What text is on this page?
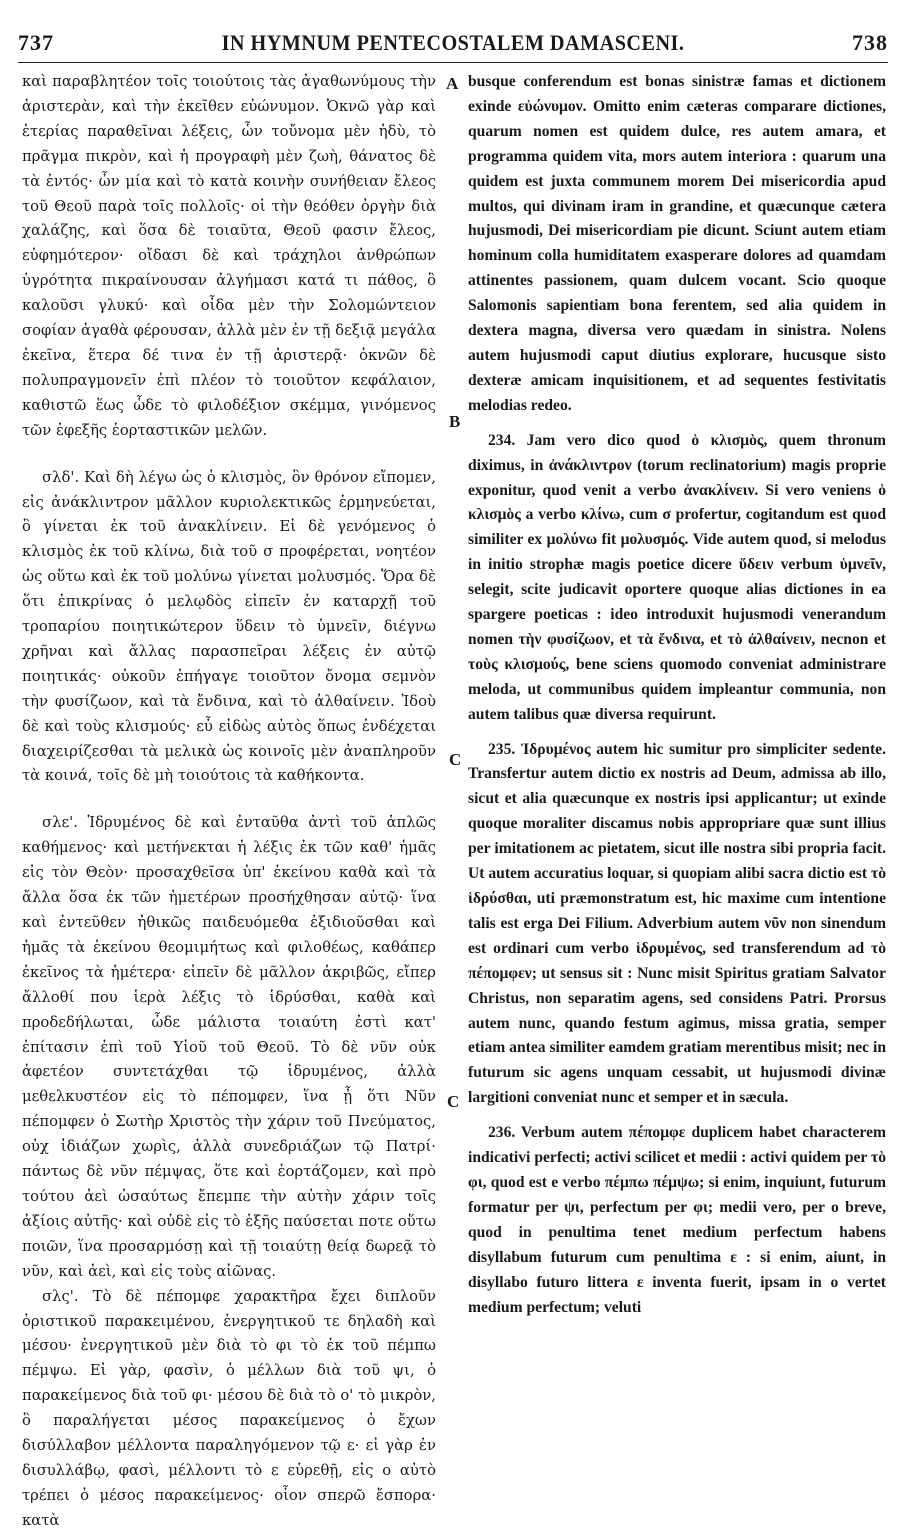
737	IN HYMNUM PENTECOSTALEM DAMASCENI.	738

καὶ παραβλητέον τοῖς τοιούτοις τὰς ἀγαθωνύμους τὴν ἀριστερὰν, καὶ τὴν ἐκεῖθεν εὐώνυμον. Ὀκνῶ γὰρ καὶ ἑτερίας παραθεῖναι λέξεις, ὧν τοὔνομα μὲν ἡδὺ, τὸ πρᾶγμα πικρὸν, καὶ ἡ προγραφὴ μὲν ζωὴ, θάνατος δὲ τὰ ἐντός· ὧν μία καὶ τὸ κατὰ κοινὴν συνήθειαν ἔλεος τοῦ Θεοῦ παρὰ τοῖς πολλοῖς· οἱ τὴν θεόθεν ὀργὴν διὰ χαλάζης, καὶ ὅσα δὲ τοιαῦτα, Θεοῦ φασιν ἔλεος, εὐφημότερον· οἴδασι δὲ καὶ τράχηλοι ἀνθρώπων ὑγρότητα πικραίνουσαν ἀλγήμασι κατά τι πάθος, ὃ καλοῦσι γλυκύ· καὶ οἶδα μὲν τὴν Σολομώντειον σοφίαν ἀγαθὰ φέρουσαν, ἀλλὰ μὲν ἐν τῇ δεξιᾷ μεγάλα ἐκεῖνα, ἕτερα δέ τινα ἐν τῇ ἀριστερᾷ· ὀκνῶν δὲ πολυπραγμονεῖν ἐπὶ πλέον τὸ τοιοῦτον κεφάλαιον, καθιστῶ ἕως ὧδε τὸ φιλοδέξιον σκέμμα, γινόμενος τῶν ἐφεξῆς ἑορταστικῶν μελῶν.

σλδ'. Καὶ δὴ λέγω ὡς ὁ κλισμὸς, ὃν θρόνον εἴπομεν, εἰς ἀνάκλιντρον μᾶλλον κυριολεκτικῶς ἑρμηνεύεται, ὃ γίνεται ἐκ τοῦ ἀνακλίνειν. Εἰ δὲ γενόμενος ὁ κλισμὸς ἐκ τοῦ κλίνω, διὰ τοῦ σ προφέρεται, νοητέον ὡς οὕτω καὶ ἐκ τοῦ μολύνω γίνεται μολυσμός. Ὅρα δὲ ὅτι ἐπικρίνας ὁ μελῳδὸς εἰπεῖν ἐν καταρχῇ τοῦ τροπαρίου ποιητικώτερον ὕδειν τὸ ὑμνεῖν, διέγνω χρῆναι καὶ ἄλλας παρασπεῖραι λέξεις ἐν αὐτῷ ποιητικάς· οὐκοῦν ἐπήγαγε τοιοῦτον ὄνομα σεμνὸν τὴν φυσίζωον, καὶ τὰ ἔνδινα, καὶ τὸ ἀλθαίνειν. Ἰδοὺ δὲ καὶ τοὺς κλισμούς· εὖ εἰδὼς αὐτὸς ὅπως ἐνδέχεται διαχειρίζεσθαι τὰ μελικὰ ὡς κοινοῖς μὲν ἀναπληροῦν τὰ κοινά, τοῖς δὲ μὴ τοιούτοις τὰ καθήκοντα.

σλε'. Ἱδρυμένος δὲ καὶ ἐνταῦθα ἀντὶ τοῦ ἁπλῶς καθήμενος· καὶ μετήνεκται ἡ λέξις ἐκ τῶν καθ' ἡμᾶς εἰς τὸν Θεὸν· προσαχθεῖσα ὑπ' ἐκείνου καθὰ καὶ τὰ ἄλλα ὅσα ἐκ τῶν ἡμετέρων προσήχθησαν αὐτῷ· ἵνα καὶ ἐντεῦθεν ἠθικῶς παιδευόμεθα ἐξιδιοῦσθαι καὶ ἡμᾶς τὰ ἐκείνου θεομιμήτως καὶ φιλοθέως, καθάπερ ἐκεῖνος τὰ ἡμέτερα· εἰπεῖν δὲ μᾶλλον ἀκριβῶς, εἴπερ ἄλλοθί που ἱερὰ λέξις τὸ ἱδρύσθαι, καθὰ καὶ προδεδήλωται, ὧδε μάλιστα τοιαύτη ἐστὶ κατ' ἐπίτασιν ἐπὶ τοῦ Υἱοῦ τοῦ Θεοῦ. Τὸ δὲ νῦν οὐκ ἀφετέον συντετάχθαι τῷ ἱδρυμένος, ἀλλὰ μεθελκυστέον εἰς τὸ πέπομφεν, ἵνα ᾖ ὅτι Νῦν πέπομφεν ὁ Σωτὴρ Χριστὸς τὴν χάριν τοῦ Πνεύματος, οὐχ ἰδιάζων χωρὶς, ἀλλὰ συνεδριάζων τῷ Πατρί· πάντως δὲ νῦν πέμψας, ὅτε καὶ ἑορτάζομεν, καὶ πρὸ τούτου ἀεὶ ὡσαύτως ἔπεμπε τὴν αὐτὴν χάριν τοῖς ἀξίοις αὐτῆς· καὶ οὐδὲ εἰς τὸ ἑξῆς παύσεται ποτε οὕτω ποιῶν, ἵνα προσαρμόσῃ καὶ τῇ τοιαύτῃ θείᾳ δωρεᾷ τὸ νῦν, καὶ ἀεὶ, καὶ εἰς τοὺς αἰῶνας.

σλς'. Τὸ δὲ πέπομφε χαρακτῆρα ἔχει διπλοῦν ὁριστικοῦ παρακειμένου, ἐνεργητικοῦ τε δηλαδὴ καὶ μέσου· ἐνεργητικοῦ μὲν διὰ τὸ φι τὸ ἐκ τοῦ πέμπω πέμψω. Εἰ γὰρ, φασὶν, ὁ μέλλων διὰ τοῦ ψι, ὁ παρακείμενος διὰ τοῦ φι· μέσου δὲ διὰ τὸ ο' τὸ μικρὸν, ὃ παραλήγεται μέσος παρακείμενος ὁ ἔχων δισύλλαβον μέλλοντα παραληγόμενον τῷ ε· εἰ γὰρ ἐν δισυλλάβῳ, φασὶ, μέλλοντι τὸ ε εὑρεθῇ, εἰς ο αὐτὸ τρέπει ὁ μέσος παρακείμενος· οἷον σπερῶ ἔσπορα· κατὰ

busque conferendum est bonas sinistræ famas et dictionem exinde εὐώνυμον. Omitto enim cæteras comparare dictiones, quarum nomen est quidem dulce, res autem amara, et programma quidem vita, mors autem interiora : quarum una quidem est juxta communem morem Dei misericordia apud multos, qui divinam iram in grandine, et quæcunque cætera hujusmodi, Dei misericordiam pie dicunt. Sciunt autem etiam hominum colla humiditatem exasperare dolores ad quamdam attinentes passionem, quam dulcem vocant. Scio quoque Salomonis sapientiam bona ferentem, sed alia quidem in dextera magna, diversa vero quædam in sinistra. Nolens autem hujusmodi caput diutius explorare, hucusque sisto dexteræ amicam inquisitionem, et ad sequentes festivitatis melodias redeo.

234. Jam vero dico quod ὁ κλισμὸς, quem thronum diximus, in ἀνάκλιντρον (torum reclinatorium) magis proprie exponitur, quod venit a verbo ἀνακλίνειν. Si vero veniens ὁ κλισμὸς a verbo κλίνω, cum σ profertur, cogitandum est quod similiter ex μολύνω fit μολυσμός. Vide autem quod, si melodus in initio strophæ magis poetice dicere ὕδειν verbum ὑμνεῖν, selegit, scite judicavit oportere quoque alias dictiones in ea spargere poeticas : ideo introduxit hujusmodi venerandum nomen τὴν φυσίζωον, et τὰ ἔνδινα, et τὸ ἀλθαίνειν, necnon et τοὺς κλισμούς, bene sciens quomodo conveniat administrare meloda, ut communibus quidem impleantur communia, non autem talibus quæ diversa requirunt.

235. Ἱδρυμένος autem hic sumitur pro simpliciter sedente. Transfertur autem dictio ex nostris ad Deum, admissa ab illo, sicut et alia quæcunque ex nostris ipsi applicantur; ut exinde quoque moraliter discamus nobis appropriare quæ sunt illius per imitationem ac pietatem, sicut ille nostra sibi propria facit. Ut autem accuratius loquar, si quopiam alibi sacra dictio est τὸ ἱδρύσθαι, uti præmonstratum est, hic maxime cum intentione talis est erga Dei Filium. Adverbium autem νῦν non sinendum est ordinari cum verbo ἱδρυμένος, sed transferendum ad τὸ πέπομφεν; ut sensus sit : Nunc misit Spiritus gratiam Salvator Christus, non separatim agens, sed considens Patri. Prorsus autem nunc, quando festum agimus, missa gratia, semper etiam antea similiter eamdem gratiam merentibus misit; nec in futurum sic agens unquam cessabit, ut hujusmodi divinæ largitioni conveniat nunc et semper et in sæcula.

236. Verbum autem πέπομφε duplicem habet characterem indicativi perfecti; activi scilicet et medii : activi quidem per τὸ φι, quod est e verbo πέμπω πέμψω; si enim, inquiunt, futurum formatur per ψι, perfectum per φι; medii vero, per o breve, quod in penultima tenet medium perfectum habens disyllabum futurum cum penultima ε : si enim, aiunt, in disyllabo futuro littera ε inventa fuerit, ipsam in o vertet medium perfectum; veluti

A
B
C
C
